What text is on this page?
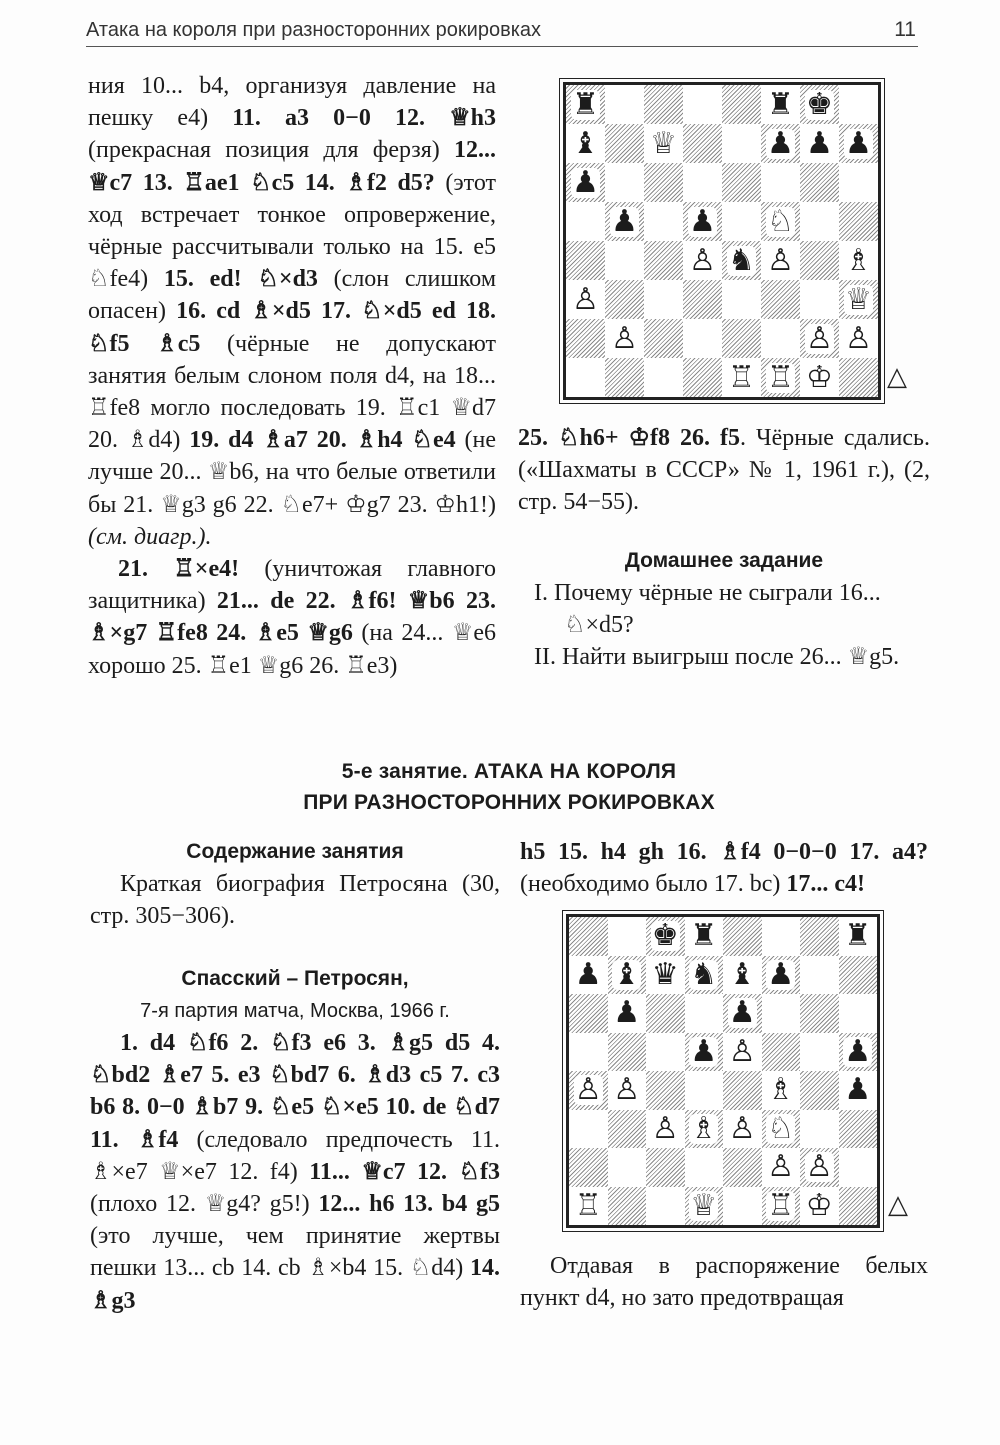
Атака на короля при разносторонних рокировках	11

ния 10... b4, организуя давление на пешку e4) 11. a3 0−0 12. ♕h3 (прекрасная позиция для ферзя) 12... ♕c7 13. ♖ae1 ♘c5 14. ♗f2 d5? (этот ход встречает тонкое опровержение, чёрные рассчитывали только на 15. e5 ♘fe4) 15. ed! ♘×d3 (слон слишком опасен) 16. cd ♗×d5 17. ♘×d5 ed 18. ♘f5 ♗c5 (чёрные не допускают занятия белым слоном поля d4, на 18... ♖fe8 могло последовать 19. ♖c1 ♕d7 20. ♗d4) 19. d4 ♗a7 20. ♗h4 ♘e4 (не лучше 20... ♕b6, на что белые ответили бы 21. ♕g3 g6 22. ♘e7+ ♔g7 23. ♔h1!) (см. диагр.).

21. ♖×e4! (уничтожая главного защитника) 21... de 22. ♗f6! ♕b6 23. ♗×g7 ♖fe8 24. ♗e5 ♕g6 (на 24... ♕e6 хорошо 25. ♖e1 ♕g6 26. ♖e3)

♜	♜ ♚
♝ ♕	♟ ♟ ♟
♟
♟ ♟ ♘
♙ ♞ ♙ ♗
♙	♕
♙	♙ ♙
♖ ♖ ♔ △

25. ♘h6+ ♔f8 26. f5. Чёрные сдались. («Шахматы в СССР» № 1, 1961 г.), (2, стр. 54−55).

Домашнее задание

I. Почему чёрные не сыграли 16... ♘×d5?

II. Найти выигрыш после 26... ♕g5.

5-е занятие. АТАКА НА КОРОЛЯ
ПРИ РАЗНОСТОРОННИХ РОКИРОВКАХ

Содержание занятия

Краткая биография Петросяна (30, стр. 305−306).

Спасский – Петросян,

7-я партия матча, Москва, 1966 г.

1. d4 ♘f6 2. ♘f3 e6 3. ♗g5 d5 4. ♘bd2 ♗e7 5. e3 ♘bd7 6. ♗d3 c5 7. c3 b6 8. 0−0 ♗b7 9. ♘e5 ♘×e5 10. de ♘d7 11. ♗f4 (следовало предпочесть 11. ♗×e7 ♕×e7 12. f4) 11... ♕c7 12. ♘f3 (плохо 12. ♕g4? g5!) 12... h6 13. b4 g5 (это лучше, чем принятие жертвы пешки 13... cb 14. cb ♗×b4 15. ♘d4) 14. ♗g3

h5 15. h4 gh 16. ♗f4 0−0−0 17. a4? (необходимо было 17. bc) 17... c4!

♚ ♜	♜
♟ ♝ ♛ ♞ ♝ ♟
♟	♟
♟ ♙	♟
♙ ♙	♗ ♟
♙ ♗ ♙ ♘
♙ ♙
♖	♕ ♖ ♔ △

Отдавая в распоряжение белых пункт d4, но зато предотвращая
